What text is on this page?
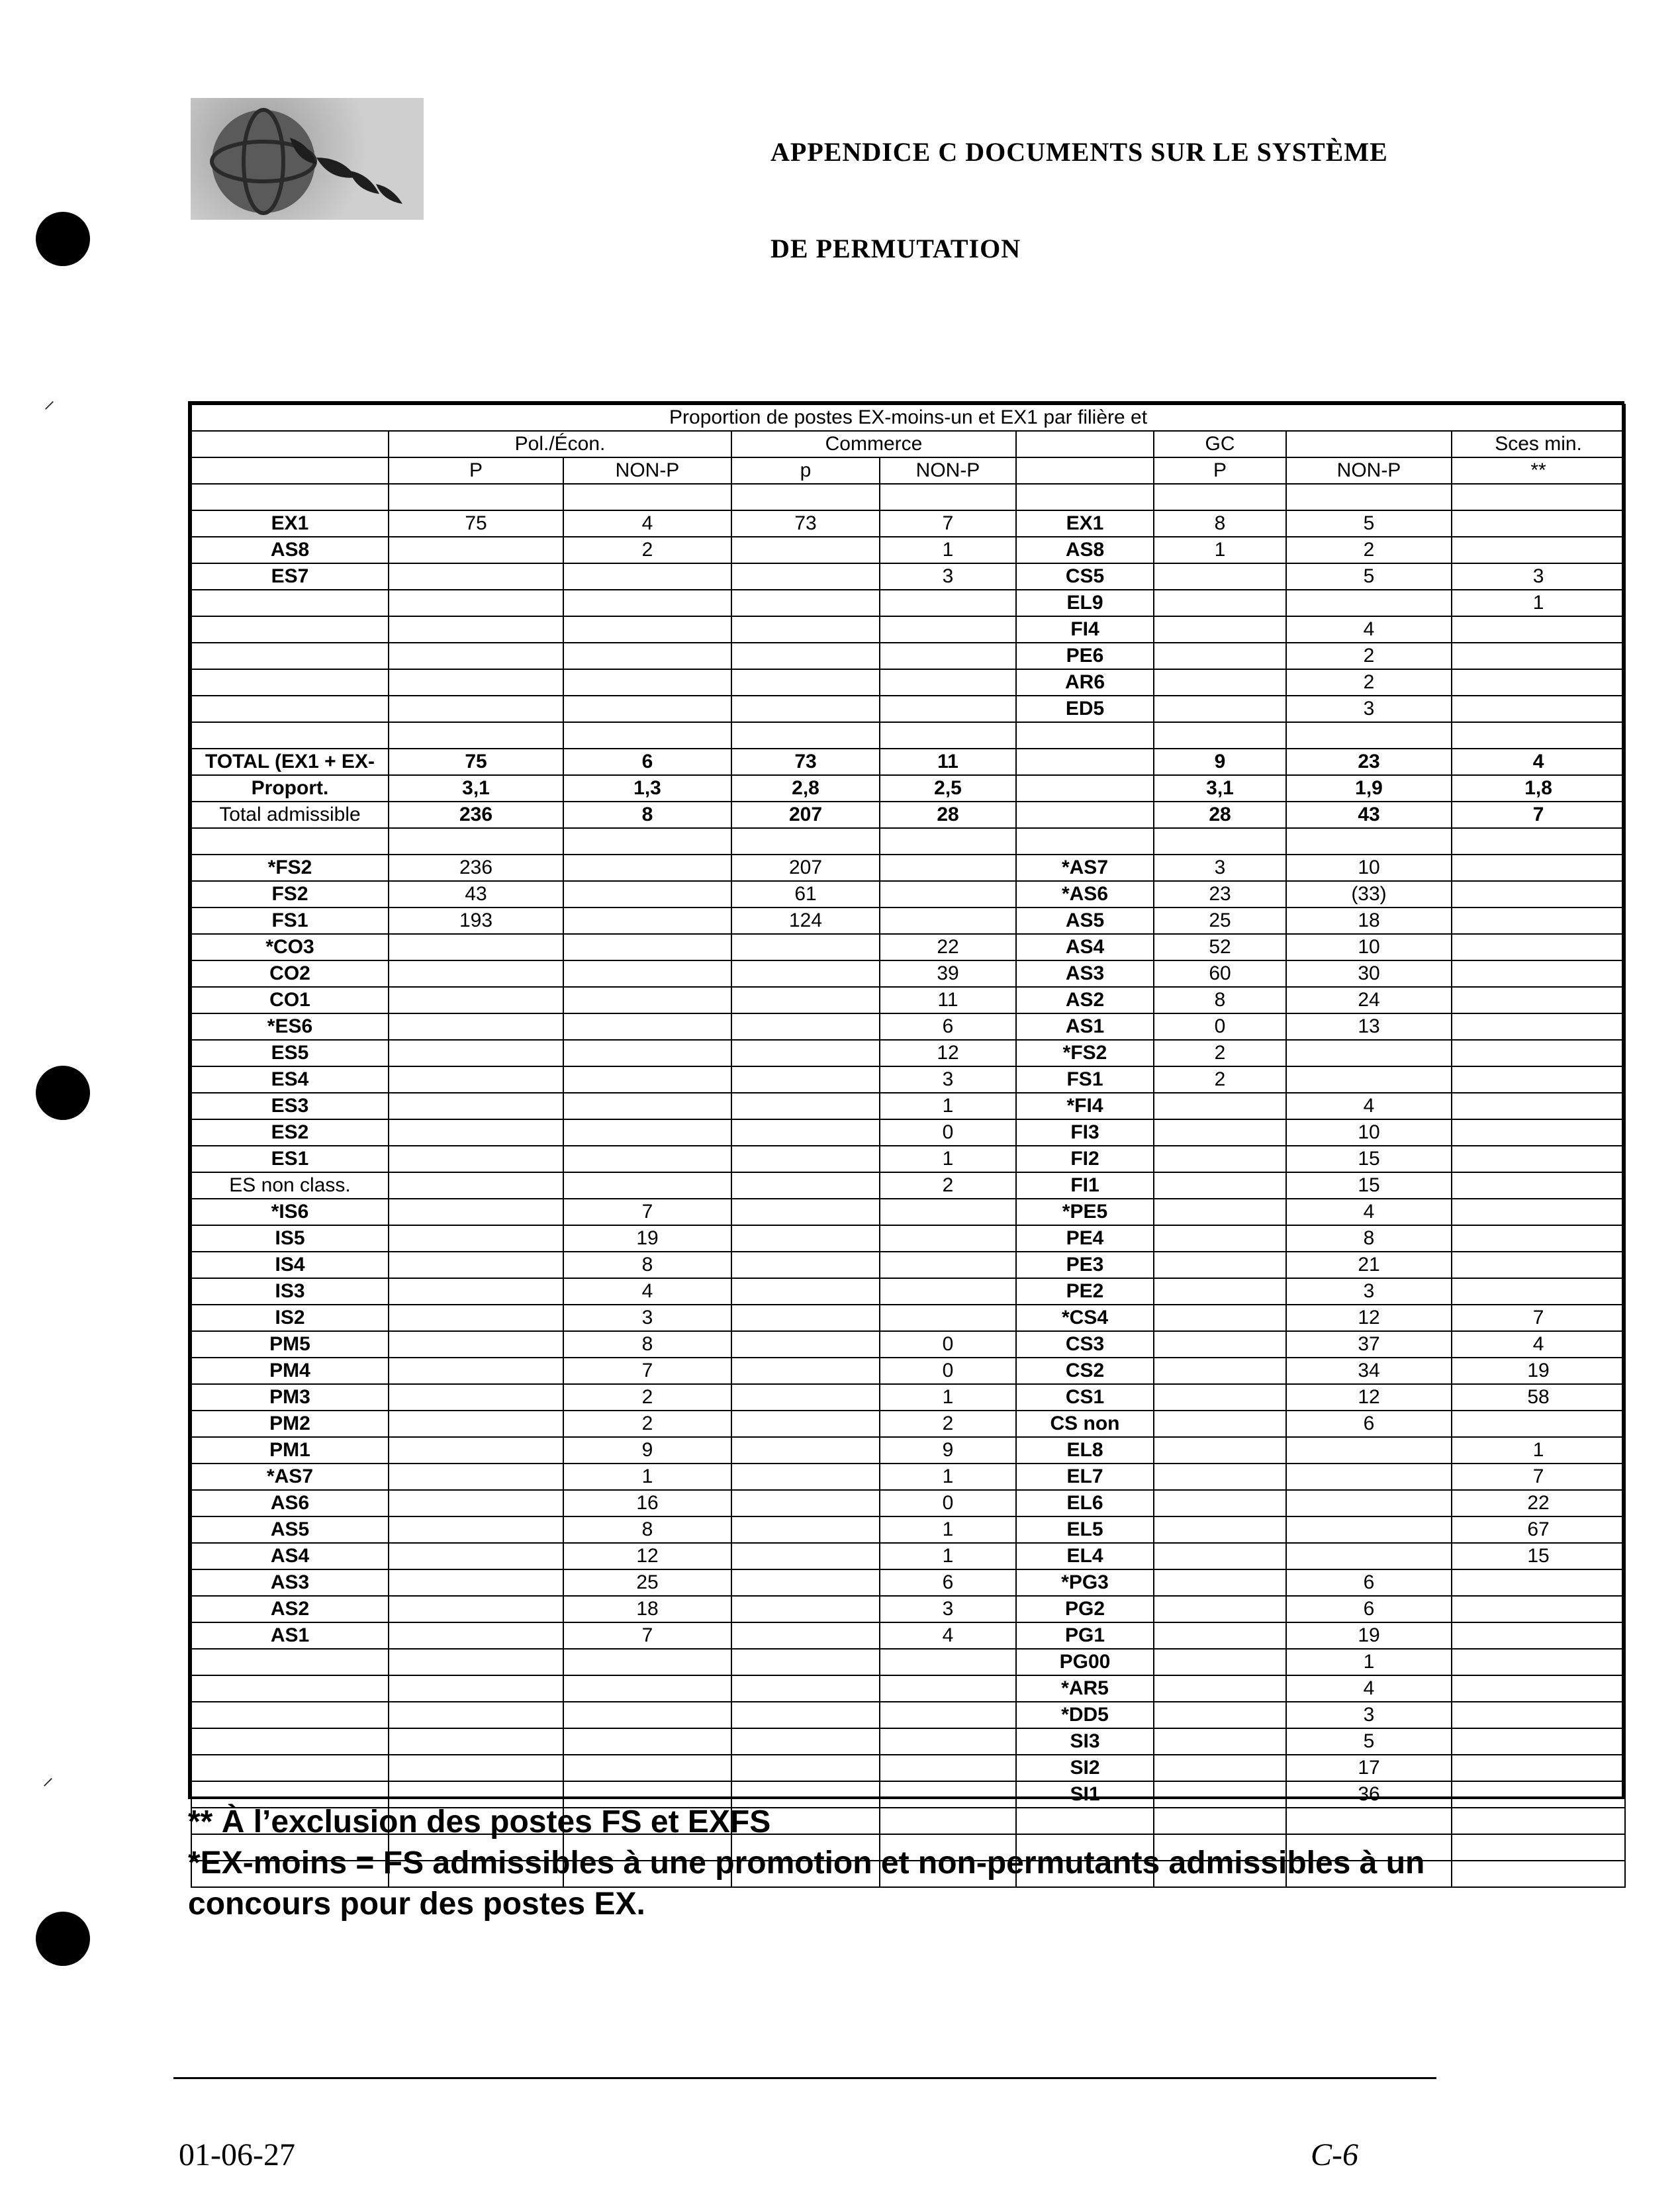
APPENDICE C DOCUMENTS SUR LE SYSTÈME
DE PERMUTATION
⸝
⸝
Proportion de postes EX-moins-un et EX1 par filière et								
	Pol./Écon.		Commerce			GC		Sces min.
	P	NON-P	p	NON-P		P	NON-P	**

EX1	75	4	73	7	EX1	8	5	
AS8		2		1	AS8	1	2	
ES7				3	CS5		5	3
					EL9			1
					FI4		4	
					PE6		2	
					AR6		2	
					ED5		3	

TOTAL (EX1 + EX-	75	6	73	11		9	23	4
Proport.	3,1	1,3	2,8	2,5		3,1	1,9	1,8
Total admissible	236	8	207	28		28	43	7

*FS2	236		207		*AS7	3	10	
FS2	43		61		*AS6	23	(33)	
FS1	193		124		AS5	25	18	
*CO3				22	AS4	52	10	
CO2				39	AS3	60	30	
CO1				11	AS2	8	24	
*ES6				6	AS1	0	13	
ES5				12	*FS2	2		
ES4				3	FS1	2		
ES3				1	*FI4		4	
ES2				0	FI3		10	
ES1				1	FI2		15	
ES non class.				2	FI1		15	
*IS6		7			*PE5		4	
IS5		19			PE4		8	
IS4		8			PE3		21	
IS3		4			PE2		3	
IS2		3			*CS4		12	7
PM5		8		0	CS3		37	4
PM4		7		0	CS2		34	19
PM3		2		1	CS1		12	58
PM2		2		2	CS non		6	
PM1		9		9	EL8			1
*AS7		1		1	EL7			7
AS6		16		0	EL6			22
AS5		8		1	EL5			67
AS4		12		1	EL4			15
AS3		25		6	*PG3		6	
AS2		18		3	PG2		6	
AS1		7		4	PG1		19	
					PG00		1	
					*AR5		4	
					*DD5		3	
					SI3		5	
					SI2		17	
					SI1		36	

** À l’exclusion des postes FS et EXFS
*EX-moins = FS admissibles à une promotion et non-permutants admissibles à un
concours pour des postes EX.
01-06-27	C-6
